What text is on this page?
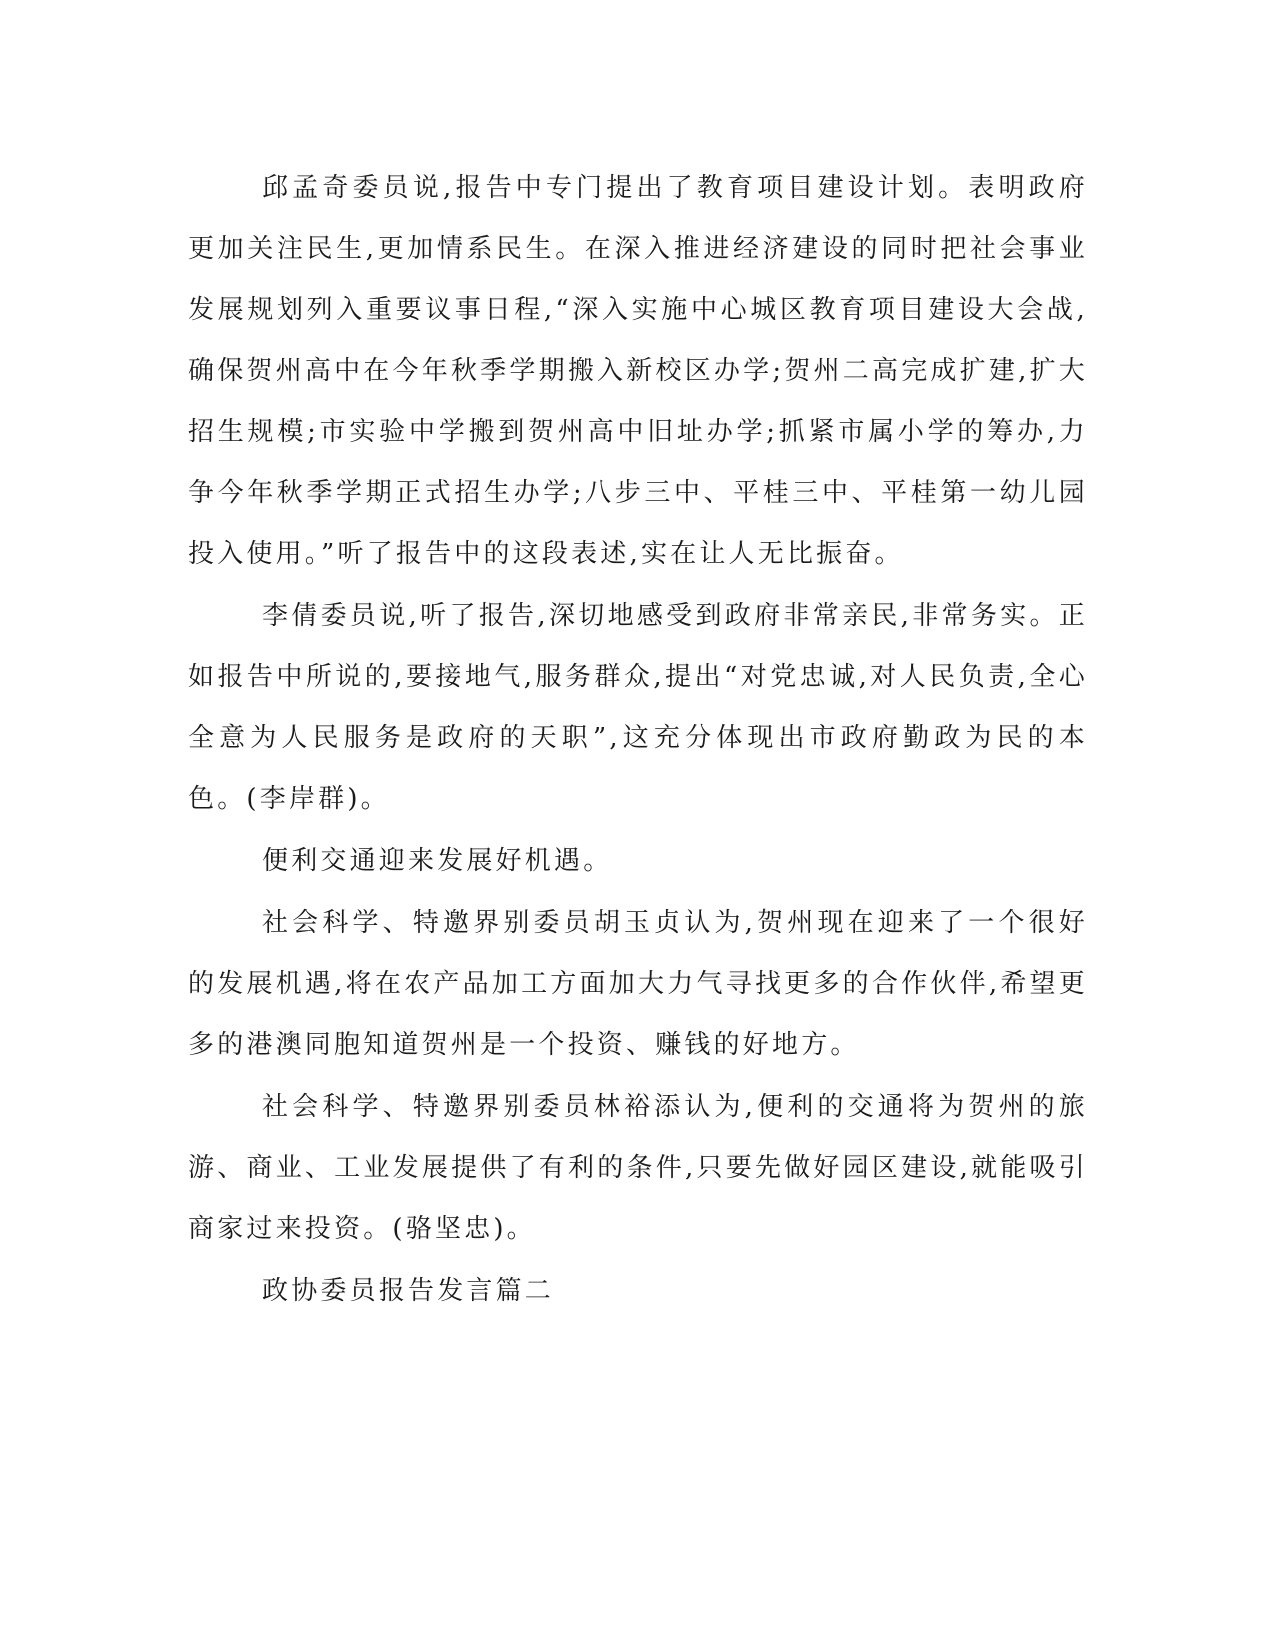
邱孟奇委员说,报告中专门提出了教育项目建设计划。表明政府更加关注民生,更加情系民生。在深入推进经济建设的同时把社会事业发展规划列入重要议事日程,“深入实施中心城区教育项目建设大会战,确保贺州高中在今年秋季学期搬入新校区办学;贺州二高完成扩建,扩大招生规模;市实验中学搬到贺州高中旧址办学;抓紧市属小学的筹办,力争今年秋季学期正式招生办学;八步三中、平桂三中、平桂第一幼儿园投入使用。”听了报告中的这段表述,实在让人无比振奋。

李倩委员说,听了报告,深切地感受到政府非常亲民,非常务实。正如报告中所说的,要接地气,服务群众,提出“对党忠诚,对人民负责,全心全意为人民服务是政府的天职”,这充分体现出市政府勤政为民的本色。(李岸群)。

便利交通迎来发展好机遇。

社会科学、特邀界别委员胡玉贞认为,贺州现在迎来了一个很好的发展机遇,将在农产品加工方面加大力气寻找更多的合作伙伴,希望更多的港澳同胞知道贺州是一个投资、赚钱的好地方。

社会科学、特邀界别委员林裕添认为,便利的交通将为贺州的旅游、商业、工业发展提供了有利的条件,只要先做好园区建设,就能吸引商家过来投资。(骆坚忠)。

政协委员报告发言篇二
